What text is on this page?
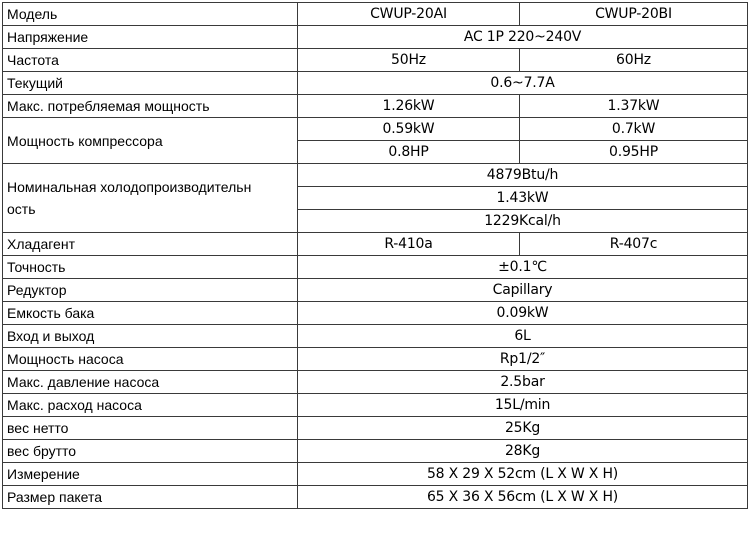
Модель	CWUP-20AI	CWUP-20BI
Напряжение	AC 1P 220~240V	
Частота	50Hz	60Hz
Текущий	0.6~7.7A	
Макс. потребляемая мощность	1.26kW	1.37kW
Мощность компрессора	0.59kW	0.7kW
	0.8HP	0.95HP
Номинальная холодопроизводительн
ость	4879Btu/h	
	1.43kW	
	1229Kcal/h	
Хладагент	R-410a	R-407c
Точность	±0.1℃	
Редуктор	Capillary	
Емкость бака	0.09kW	
Вход и выход	6L	
Мощность насоса	Rp1/2″	
Макс. давление насоса	2.5bar	
Макс. расход насоса	15L/min	
вес нетто	25Kg	
вес брутто	28Kg	
Измерение	58 X 29 X 52cm (L X W X H)	
Размер пакета	65 X 36 X 56cm (L X W X H)	
